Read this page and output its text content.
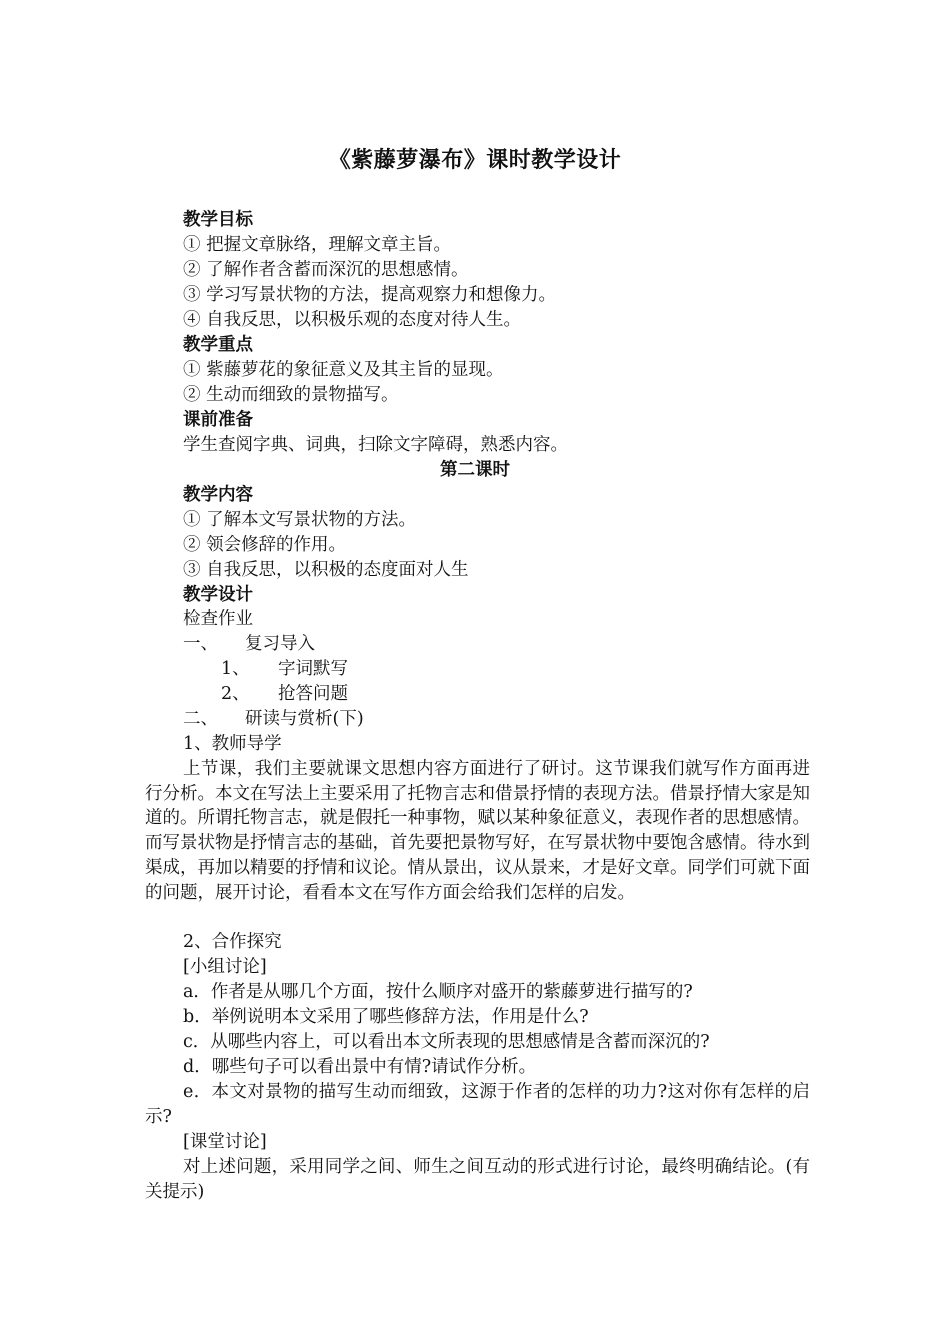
《紫藤萝瀑布》课时教学设计
教学目标
① 把握文章脉络，理解文章主旨。
② 了解作者含蓄而深沉的思想感情。
③ 学习写景状物的方法，提高观察力和想像力。
④ 自我反思，以积极乐观的态度对待人生。
教学重点
① 紫藤萝花的象征意义及其主旨的显现。
② 生动而细致的景物描写。
课前准备
学生查阅字典、词典，扫除文字障碍，熟悉内容。
第二课时
教学内容
① 了解本文写景状物的方法。
② 领会修辞的作用。
③ 自我反思，以积极的态度面对人生
教学设计
检查作业
一、 复习导入
1、 字词默写
2、 抢答问题
二、 研读与赏析(下)
1、教师导学
上节课，我们主要就课文思想内容方面进行了研讨。这节课我们就写作方面再进行分析。本文在写法上主要采用了托物言志和借景抒情的表现方法。借景抒情大家是知道的。所谓托物言志，就是假托一种事物，赋以某种象征意义，表现作者的思想感情。而写景状物是抒情言志的基础，首先要把景物写好，在写景状物中要饱含感情。待水到渠成，再加以精要的抒情和议论。情从景出，议从景来，才是好文章。同学们可就下面的问题，展开讨论，看看本文在写作方面会给我们怎样的启发。
2、合作探究
[小组讨论]
a．作者是从哪几个方面，按什么顺序对盛开的紫藤萝进行描写的?
b．举例说明本文采用了哪些修辞方法，作用是什么?
c．从哪些内容上，可以看出本文所表现的思想感情是含蓄而深沉的?
d．哪些句子可以看出景中有情?请试作分析。
e．本文对景物的描写生动而细致，这源于作者的怎样的功力?这对你有怎样的启示?
[课堂讨论]
对上述问题，采用同学之间、师生之间互动的形式进行讨论，最终明确结论。(有关提示)
